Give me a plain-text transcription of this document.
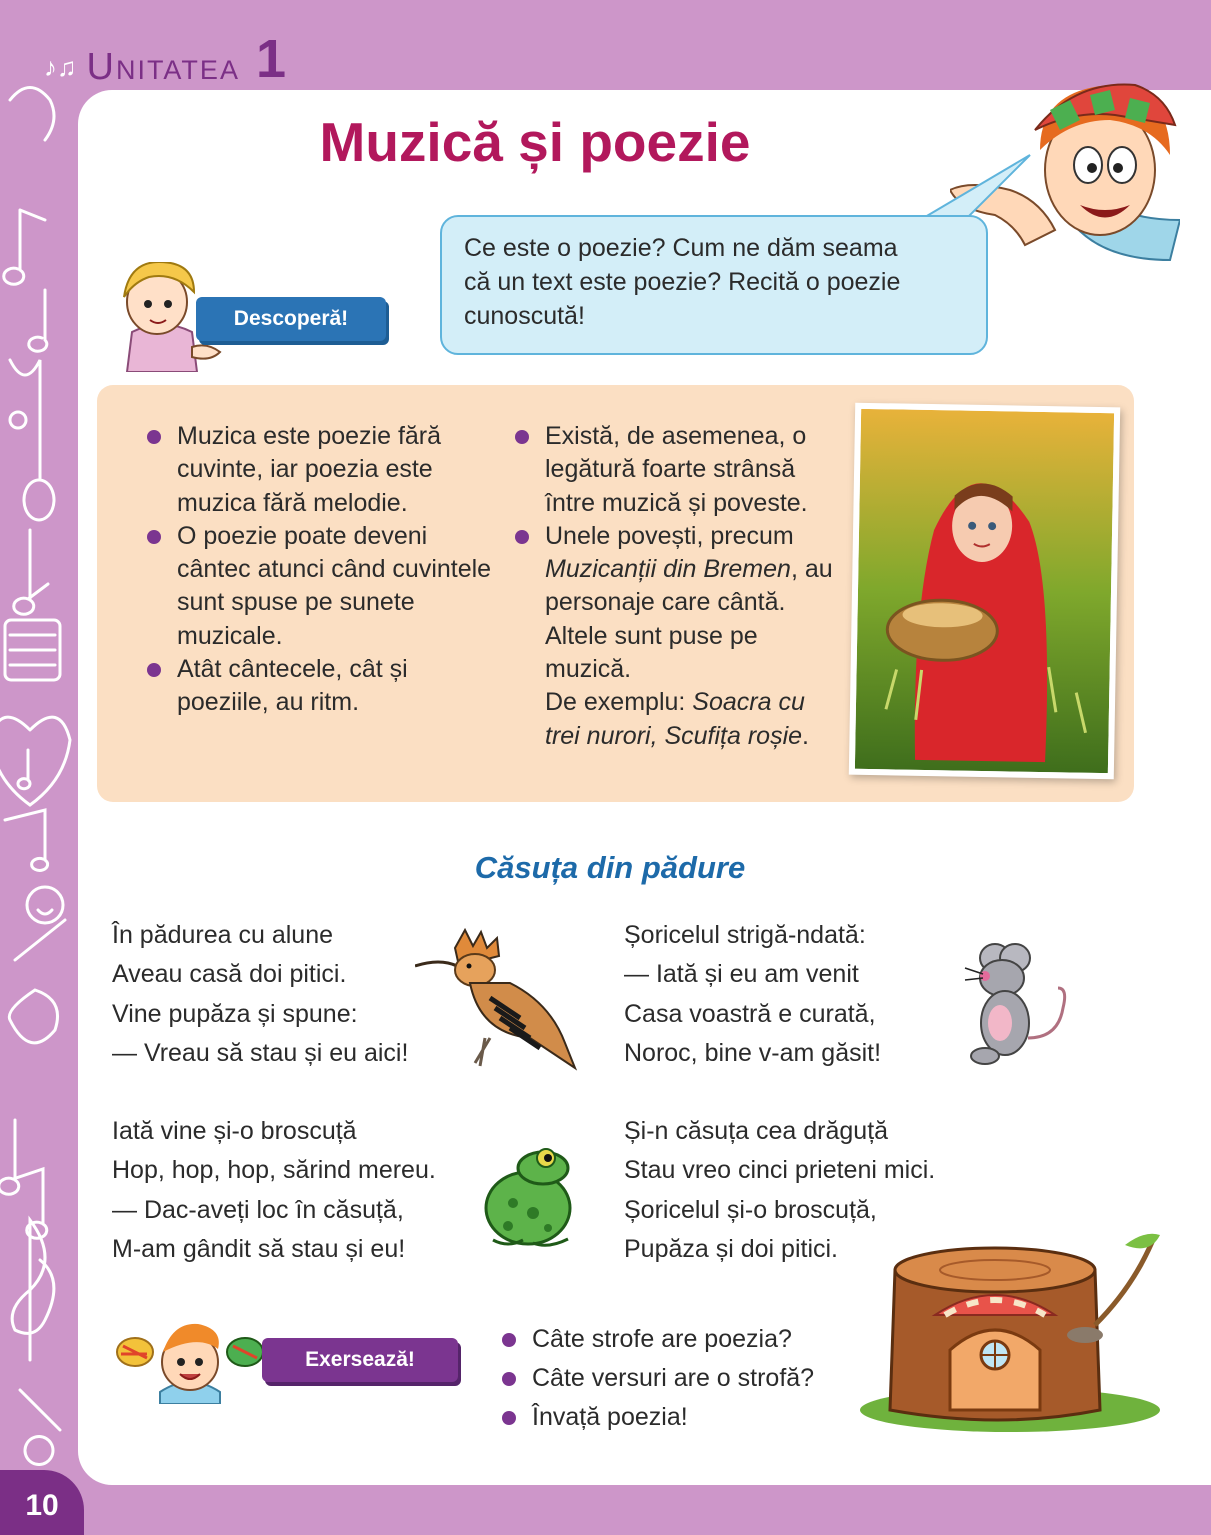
♪♫ Unitatea 1
Muzică și poezie
Ce este o poezie? Cum ne dăm seama
că un text este poezie? Recită o poezie
cunoscută!
Descoperă!
Muzica este poezie fără cuvinte, iar poezia este muzica fără melodie.
O poezie poate deveni cântec atunci când cuvintele sunt spuse pe sunete muzicale.
Atât cântecele, cât și poeziile, au ritm.
Există, de asemenea, o legătură foarte strânsă între muzică și poveste.
Unele povești, precum Muzicanții din Bremen, au personaje care cântă. Altele sunt puse pe muzică.
De exemplu: Soacra cu trei nurori, Scufița roșie.
Căsuța din pădure
În pădurea cu alune
Aveau casă doi pitici.
Vine pupăza și spune:
— Vreau să stau și eu aici!
Șoricelul strigă-ndată:
— Iată și eu am venit
Casa voastră e curată,
Noroc, bine v-am găsit!
Iată vine și-o broscuță
Hop, hop, hop, sărind mereu.
— Dac-aveți loc în căsuță,
M-am gândit să stau și eu!
Și-n căsuța cea drăguță
Stau vreo cinci prieteni mici.
Șoricelul și-o broscuță,
Pupăza și doi pitici.
Exersează!
Câte strofe are poezia?
Câte versuri are o strofă?
Învață poezia!
10
